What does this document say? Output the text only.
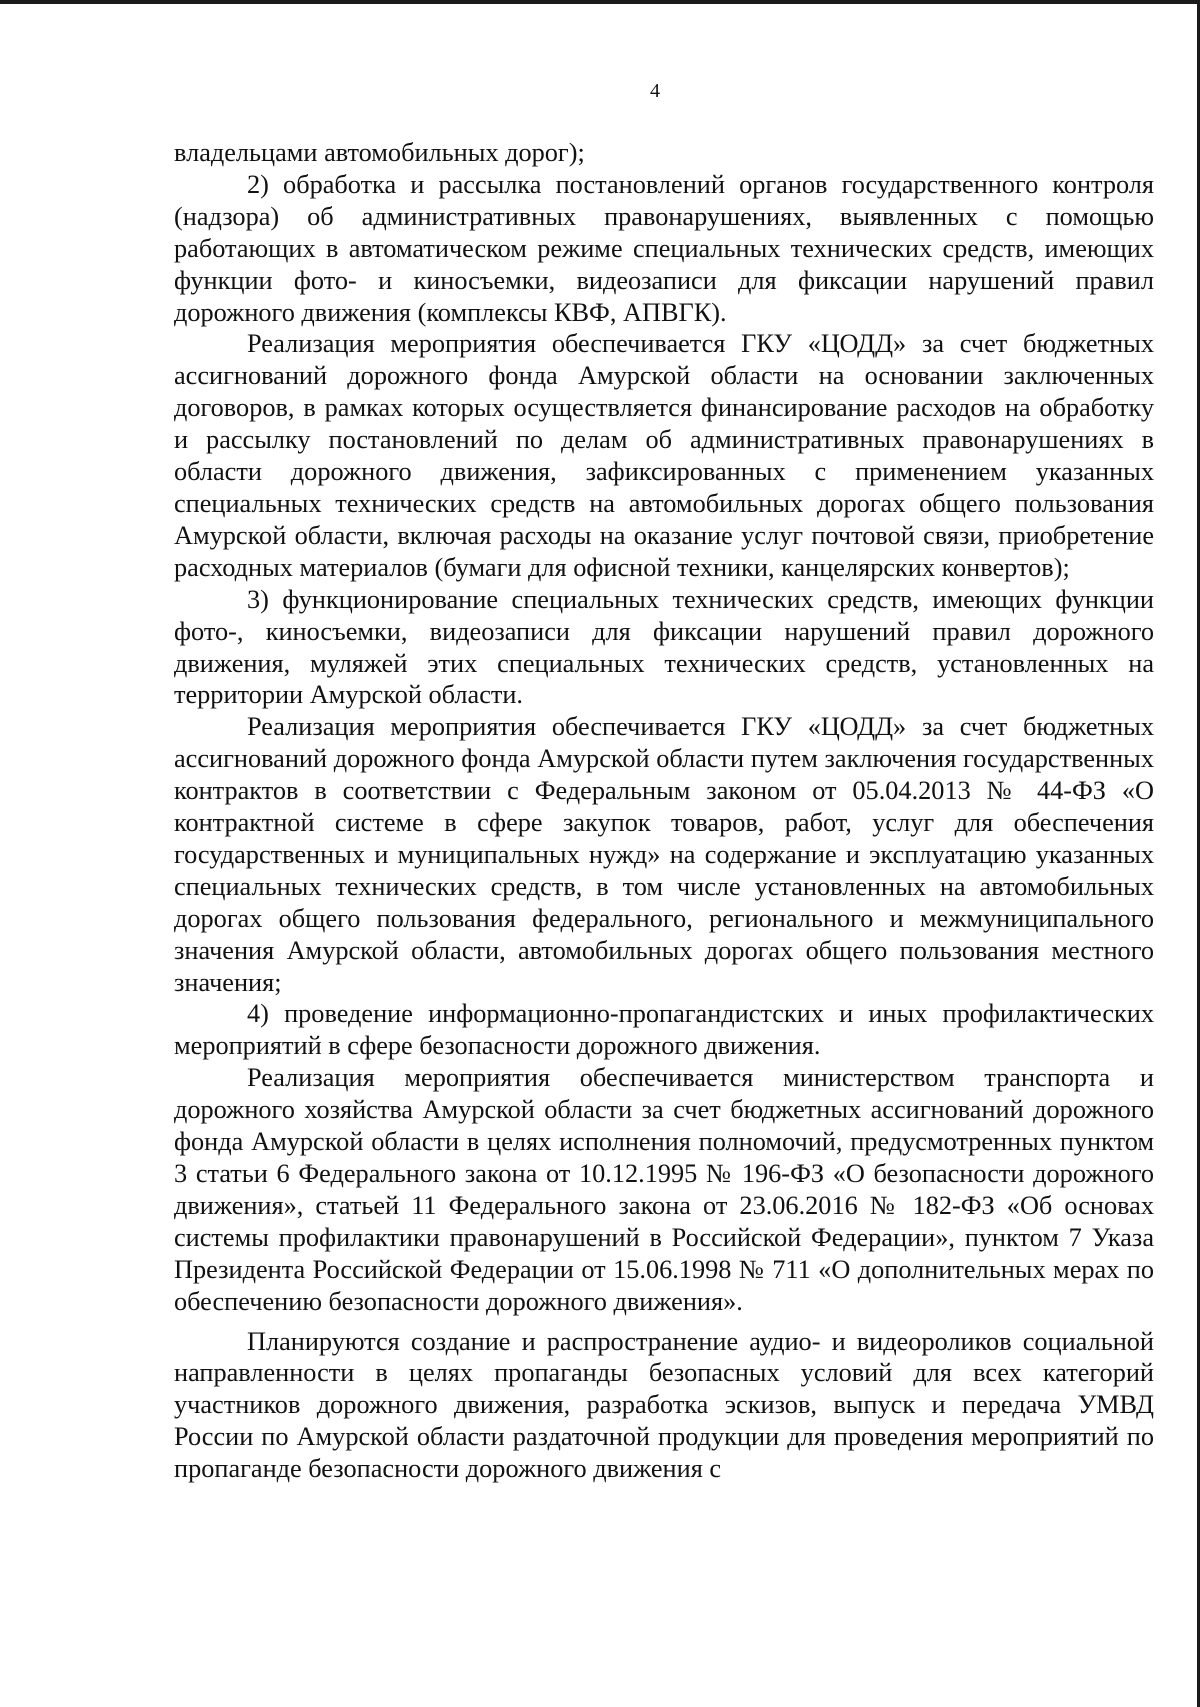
4

владельцами автомобильных дорог);

2) обработка и рассылка постановлений органов государственного контроля (надзора) об административных правонарушениях, выявленных с помощью работающих в автоматическом режиме специальных технических средств, имеющих функции фото- и киносъемки, видеозаписи для фиксации нарушений правил дорожного движения (комплексы КВФ, АПВГК).

Реализация мероприятия обеспечивается ГКУ «ЦОДД» за счет бюджетных ассигнований дорожного фонда Амурской области на основании заключенных договоров, в рамках которых осуществляется финансирование расходов на обработку и рассылку постановлений по делам об административных правонарушениях в области дорожного движения, зафиксированных с применением указанных специальных технических средств на автомобильных дорогах общего пользования Амурской области, включая расходы на оказание услуг почтовой связи, приобретение расходных материалов (бумаги для офисной техники, канцелярских конвертов);

3) функционирование специальных технических средств, имеющих функции фото-, киносъемки, видеозаписи для фиксации нарушений правил дорожного движения, муляжей этих специальных технических средств, установленных на территории Амурской области.

Реализация мероприятия обеспечивается ГКУ «ЦОДД» за счет бюджетных ассигнований дорожного фонда Амурской области путем заключения государственных контрактов в соответствии с Федеральным законом от 05.04.2013 № 44-ФЗ «О контрактной системе в сфере закупок товаров, работ, услуг для обеспечения государственных и муниципальных нужд» на содержание и эксплуатацию указанных специальных технических средств, в том числе установленных на автомобильных дорогах общего пользования федерального, регионального и межмуниципального значения Амурской области, автомобильных дорогах общего пользования местного значения;

4) проведение информационно-пропагандистских и иных профилактических мероприятий в сфере безопасности дорожного движения.

Реализация мероприятия обеспечивается министерством транспорта и дорожного хозяйства Амурской области за счет бюджетных ассигнований дорожного фонда Амурской области в целях исполнения полномочий, предусмотренных пунктом 3 статьи 6 Федерального закона от 10.12.1995 № 196-ФЗ «О безопасности дорожного движения», статьей 11 Федерального закона от 23.06.2016 № 182-ФЗ «Об основах системы профилактики правонарушений в Российской Федерации», пунктом 7 Указа Президента Российской Федерации от 15.06.1998 № 711 «О дополнительных мерах по обеспечению безопасности дорожного движения».

Планируются создание и распространение аудио- и видеороликов социальной направленности в целях пропаганды безопасных условий для всех категорий участников дорожного движения, разработка эскизов, выпуск и передача УМВД России по Амурской области раздаточной продукции для проведения мероприятий по пропаганде безопасности дорожного движения с
